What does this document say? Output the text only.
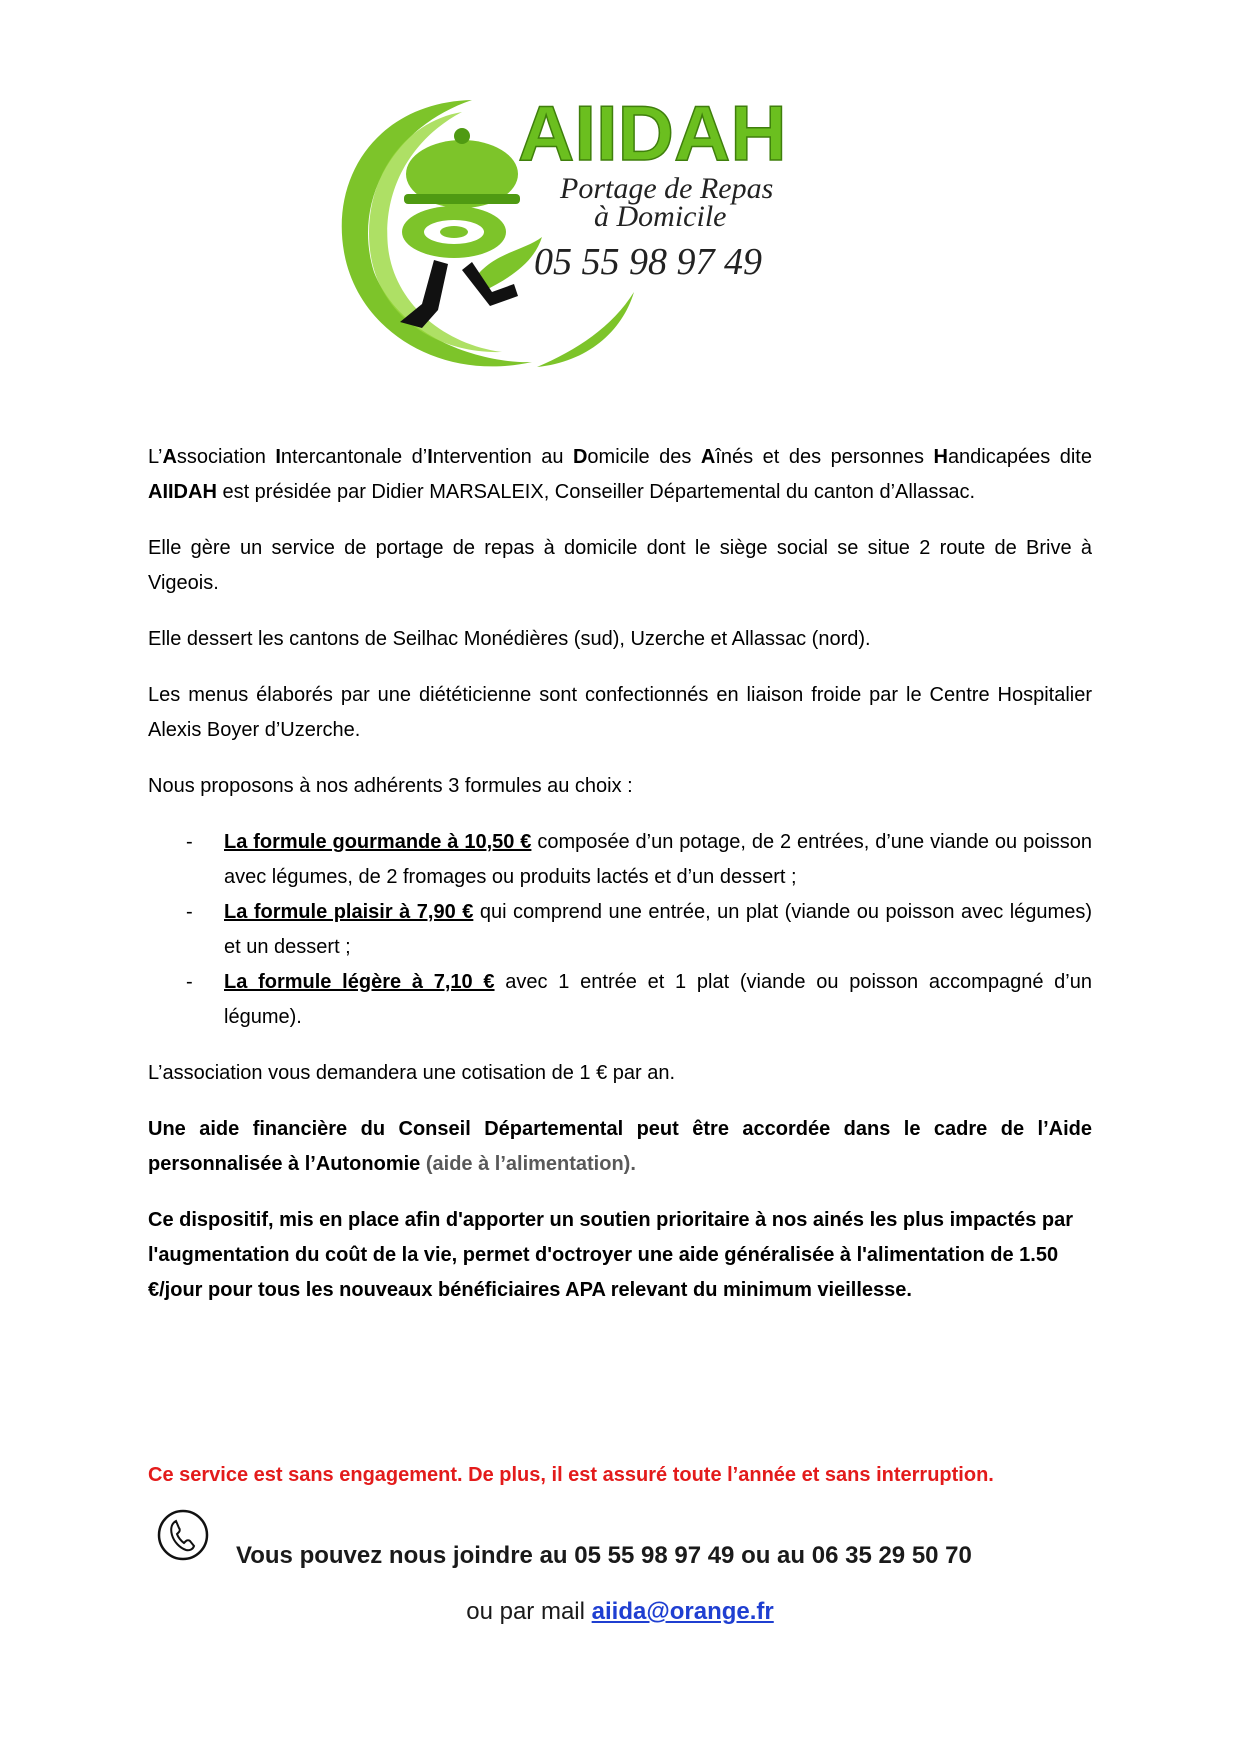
AIIDAH
Portage de Repas
à Domicile
05 55 98 97 49

L’Association Intercantonale d’Intervention au Domicile des Aînés et des personnes Handicapées dite AIIDAH est présidée par Didier MARSALEIX, Conseiller Départemental du canton d’Allassac.

Elle gère un service de portage de repas à domicile dont le siège social se situe 2 route de Brive à Vigeois.

Elle dessert les cantons de Seilhac Monédières (sud), Uzerche et Allassac (nord).

Les menus élaborés par une diététicienne sont confectionnés en liaison froide par le Centre Hospitalier Alexis Boyer d’Uzerche.

Nous proposons à nos adhérents 3 formules au choix :

- La formule gourmande à 10,50 € composée d’un potage, de 2 entrées, d’une viande ou poisson avec légumes, de 2 fromages ou produits lactés et d’un dessert ;
- La formule plaisir à 7,90 € qui comprend une entrée, un plat (viande ou poisson avec légumes) et un dessert ;
- La formule légère à 7,10 € avec 1 entrée et 1 plat (viande ou poisson accompagné d’un légume).

L’association vous demandera une cotisation de 1 € par an.

Une aide financière du Conseil Départemental peut être accordée dans le cadre de l’Aide personnalisée à l’Autonomie (aide à l’alimentation).

Ce dispositif, mis en place afin d'apporter un soutien prioritaire à nos ainés les plus impactés par l'augmentation du coût de la vie, permet d'octroyer une aide généralisée à l'alimentation de 1.50 €/jour pour tous les nouveaux bénéficiaires APA relevant du minimum vieillesse.

Ce service est sans engagement. De plus, il est assuré toute l’année et sans interruption.
Vous pouvez nous joindre au 05 55 98 97 49 ou au 06 35 29 50 70
ou par mail aiida@orange.fr
